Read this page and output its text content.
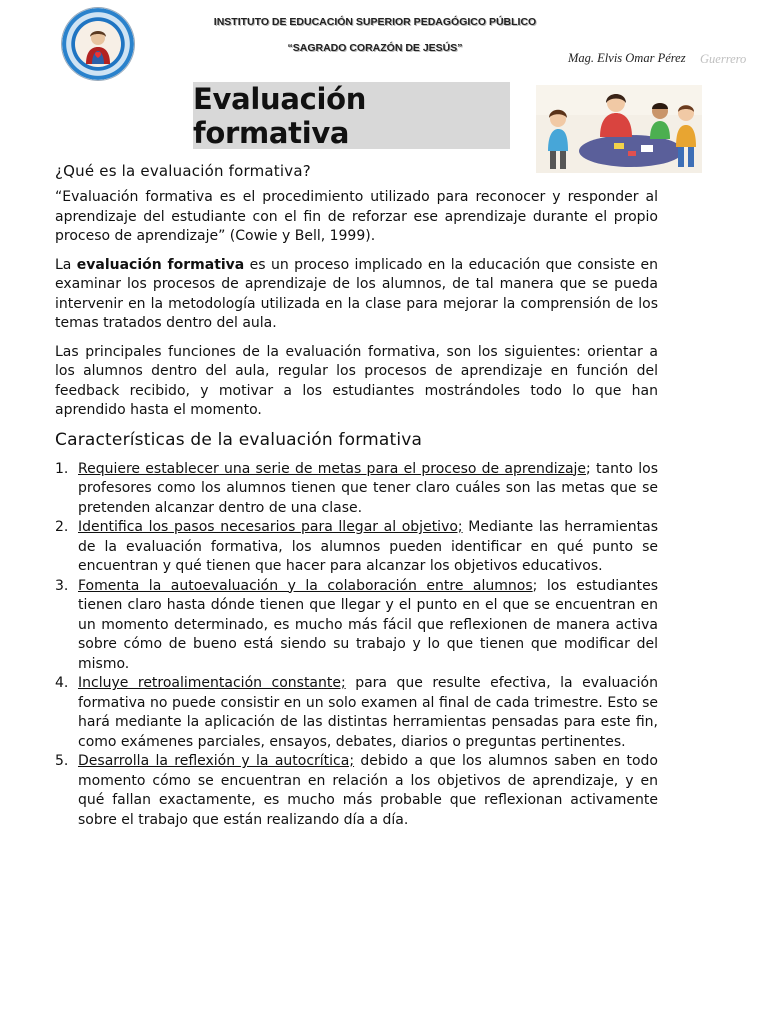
INSTITUTO DE EDUCACIÓN SUPERIOR PEDAGÓGICO PÚBLICO
“SAGRADO CORAZÓN DE JESÚS”
Guerrero
Mag. Elvis Omar Pérez
Evaluación formativa
¿Qué es la evaluación formativa?

“Evaluación formativa es el procedimiento utilizado para reconocer y responder al aprendizaje del estudiante con el fin de reforzar ese aprendizaje durante el propio proceso de aprendizaje” (Cowie y Bell, 1999).

La evaluación formativa es un proceso implicado en la educación que consiste en examinar los procesos de aprendizaje de los alumnos, de tal manera que se pueda intervenir en la metodología utilizada en la clase para mejorar la comprensión de los temas tratados dentro del aula.

Las principales funciones de la evaluación formativa, son los siguientes: orientar a los alumnos dentro del aula, regular los procesos de aprendizaje en función del feedback recibido, y motivar a los estudiantes mostrándoles todo lo que han aprendido hasta el momento.

Características de la evaluación formativa
1. Requiere establecer una serie de metas para el proceso de aprendizaje; tanto los profesores como los alumnos tienen que tener claro cuáles son las metas que se pretenden alcanzar dentro de una clase.
2. Identifica los pasos necesarios para llegar al objetivo; Mediante las herramientas de la evaluación formativa, los alumnos pueden identificar en qué punto se encuentran y qué tienen que hacer para alcanzar los objetivos educativos.
3. Fomenta la autoevaluación y la colaboración entre alumnos; los estudiantes tienen claro hasta dónde tienen que llegar y el punto en el que se encuentran en un momento determinado, es mucho más fácil que reflexionen de manera activa sobre cómo de bueno está siendo su trabajo y lo que tienen que modificar del mismo.
4. Incluye retroalimentación constante; para que resulte efectiva, la evaluación formativa no puede consistir en un solo examen al final de cada trimestre. Esto se hará mediante la aplicación de las distintas herramientas pensadas para este fin, como exámenes parciales, ensayos, debates, diarios o preguntas pertinentes.
5. Desarrolla la reflexión y la autocrítica; debido a que los alumnos saben en todo momento cómo se encuentran en relación a los objetivos de aprendizaje, y en qué fallan exactamente, es mucho más probable que reflexionan activamente sobre el trabajo que están realizando día a día.
